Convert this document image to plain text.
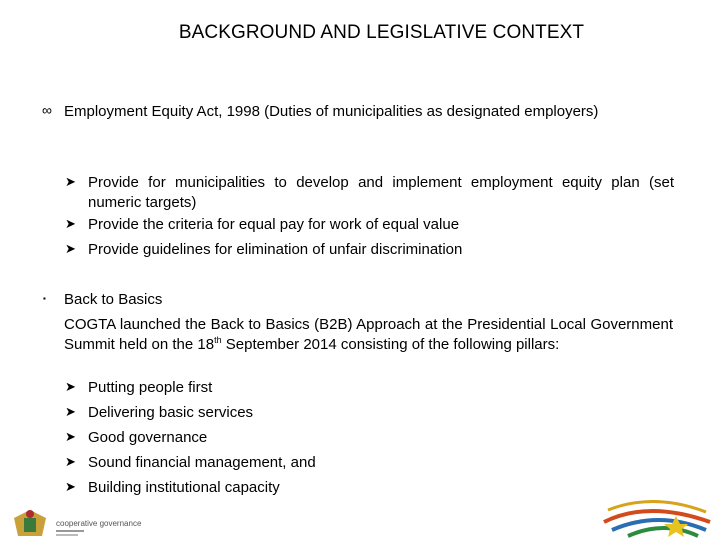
BACKGROUND AND LEGISLATIVE CONTEXT
∞ Employment Equity Act, 1998 (Duties of municipalities as designated employers)
➤ Provide for municipalities to develop and implement employment equity plan (set numeric targets)
➤ Provide the criteria for equal pay for work of equal value
➤ Provide guidelines for elimination of unfair discrimination
▪ Back to Basics
COGTA launched the Back to Basics (B2B) Approach at the Presidential Local Government Summit held on the 18th September 2014 consisting of the following pillars:
➤ Putting people first
➤ Delivering basic services
➤ Good governance
➤ Sound financial management, and
➤ Building institutional capacity
cooperative governance
